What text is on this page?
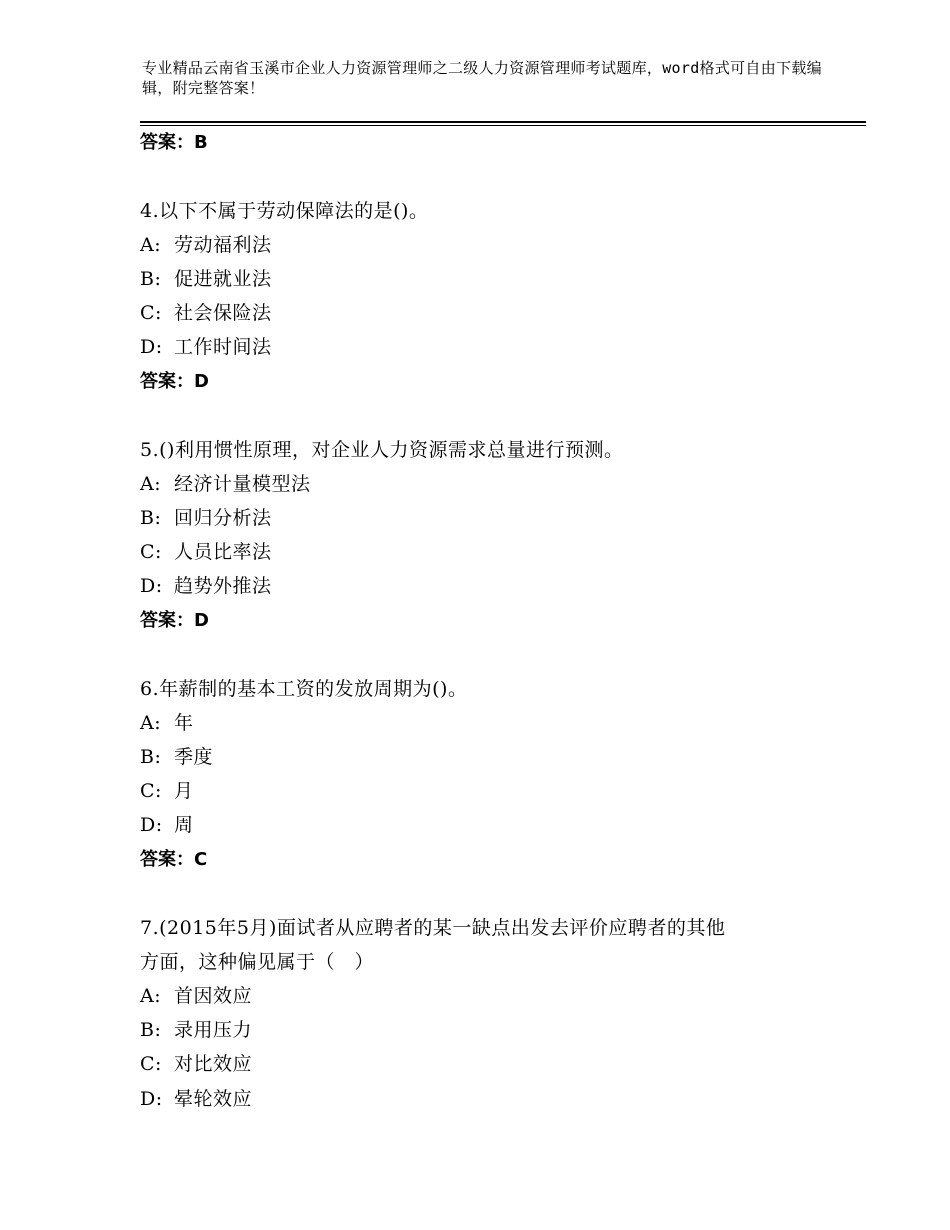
专业精品云南省玉溪市企业人力资源管理师之二级人力资源管理师考试题库，word格式可自由下载编辑，附完整答案！
答案：B
4.以下不属于劳动保障法的是()。
A: 劳动福利法
B: 促进就业法
C: 社会保险法
D: 工作时间法
答案：D
5.()利用惯性原理，对企业人力资源需求总量进行预测。
A: 经济计量模型法
B: 回归分析法
C: 人员比率法
D: 趋势外推法
答案：D
6.年薪制的基本工资的发放周期为()。
A: 年
B: 季度
C: 月
D: 周
答案：C
7.(2015年5月)面试者从应聘者的某一缺点出发去评价应聘者的其他
方面，这种偏见属于（　）
A: 首因效应
B: 录用压力
C: 对比效应
D: 晕轮效应
